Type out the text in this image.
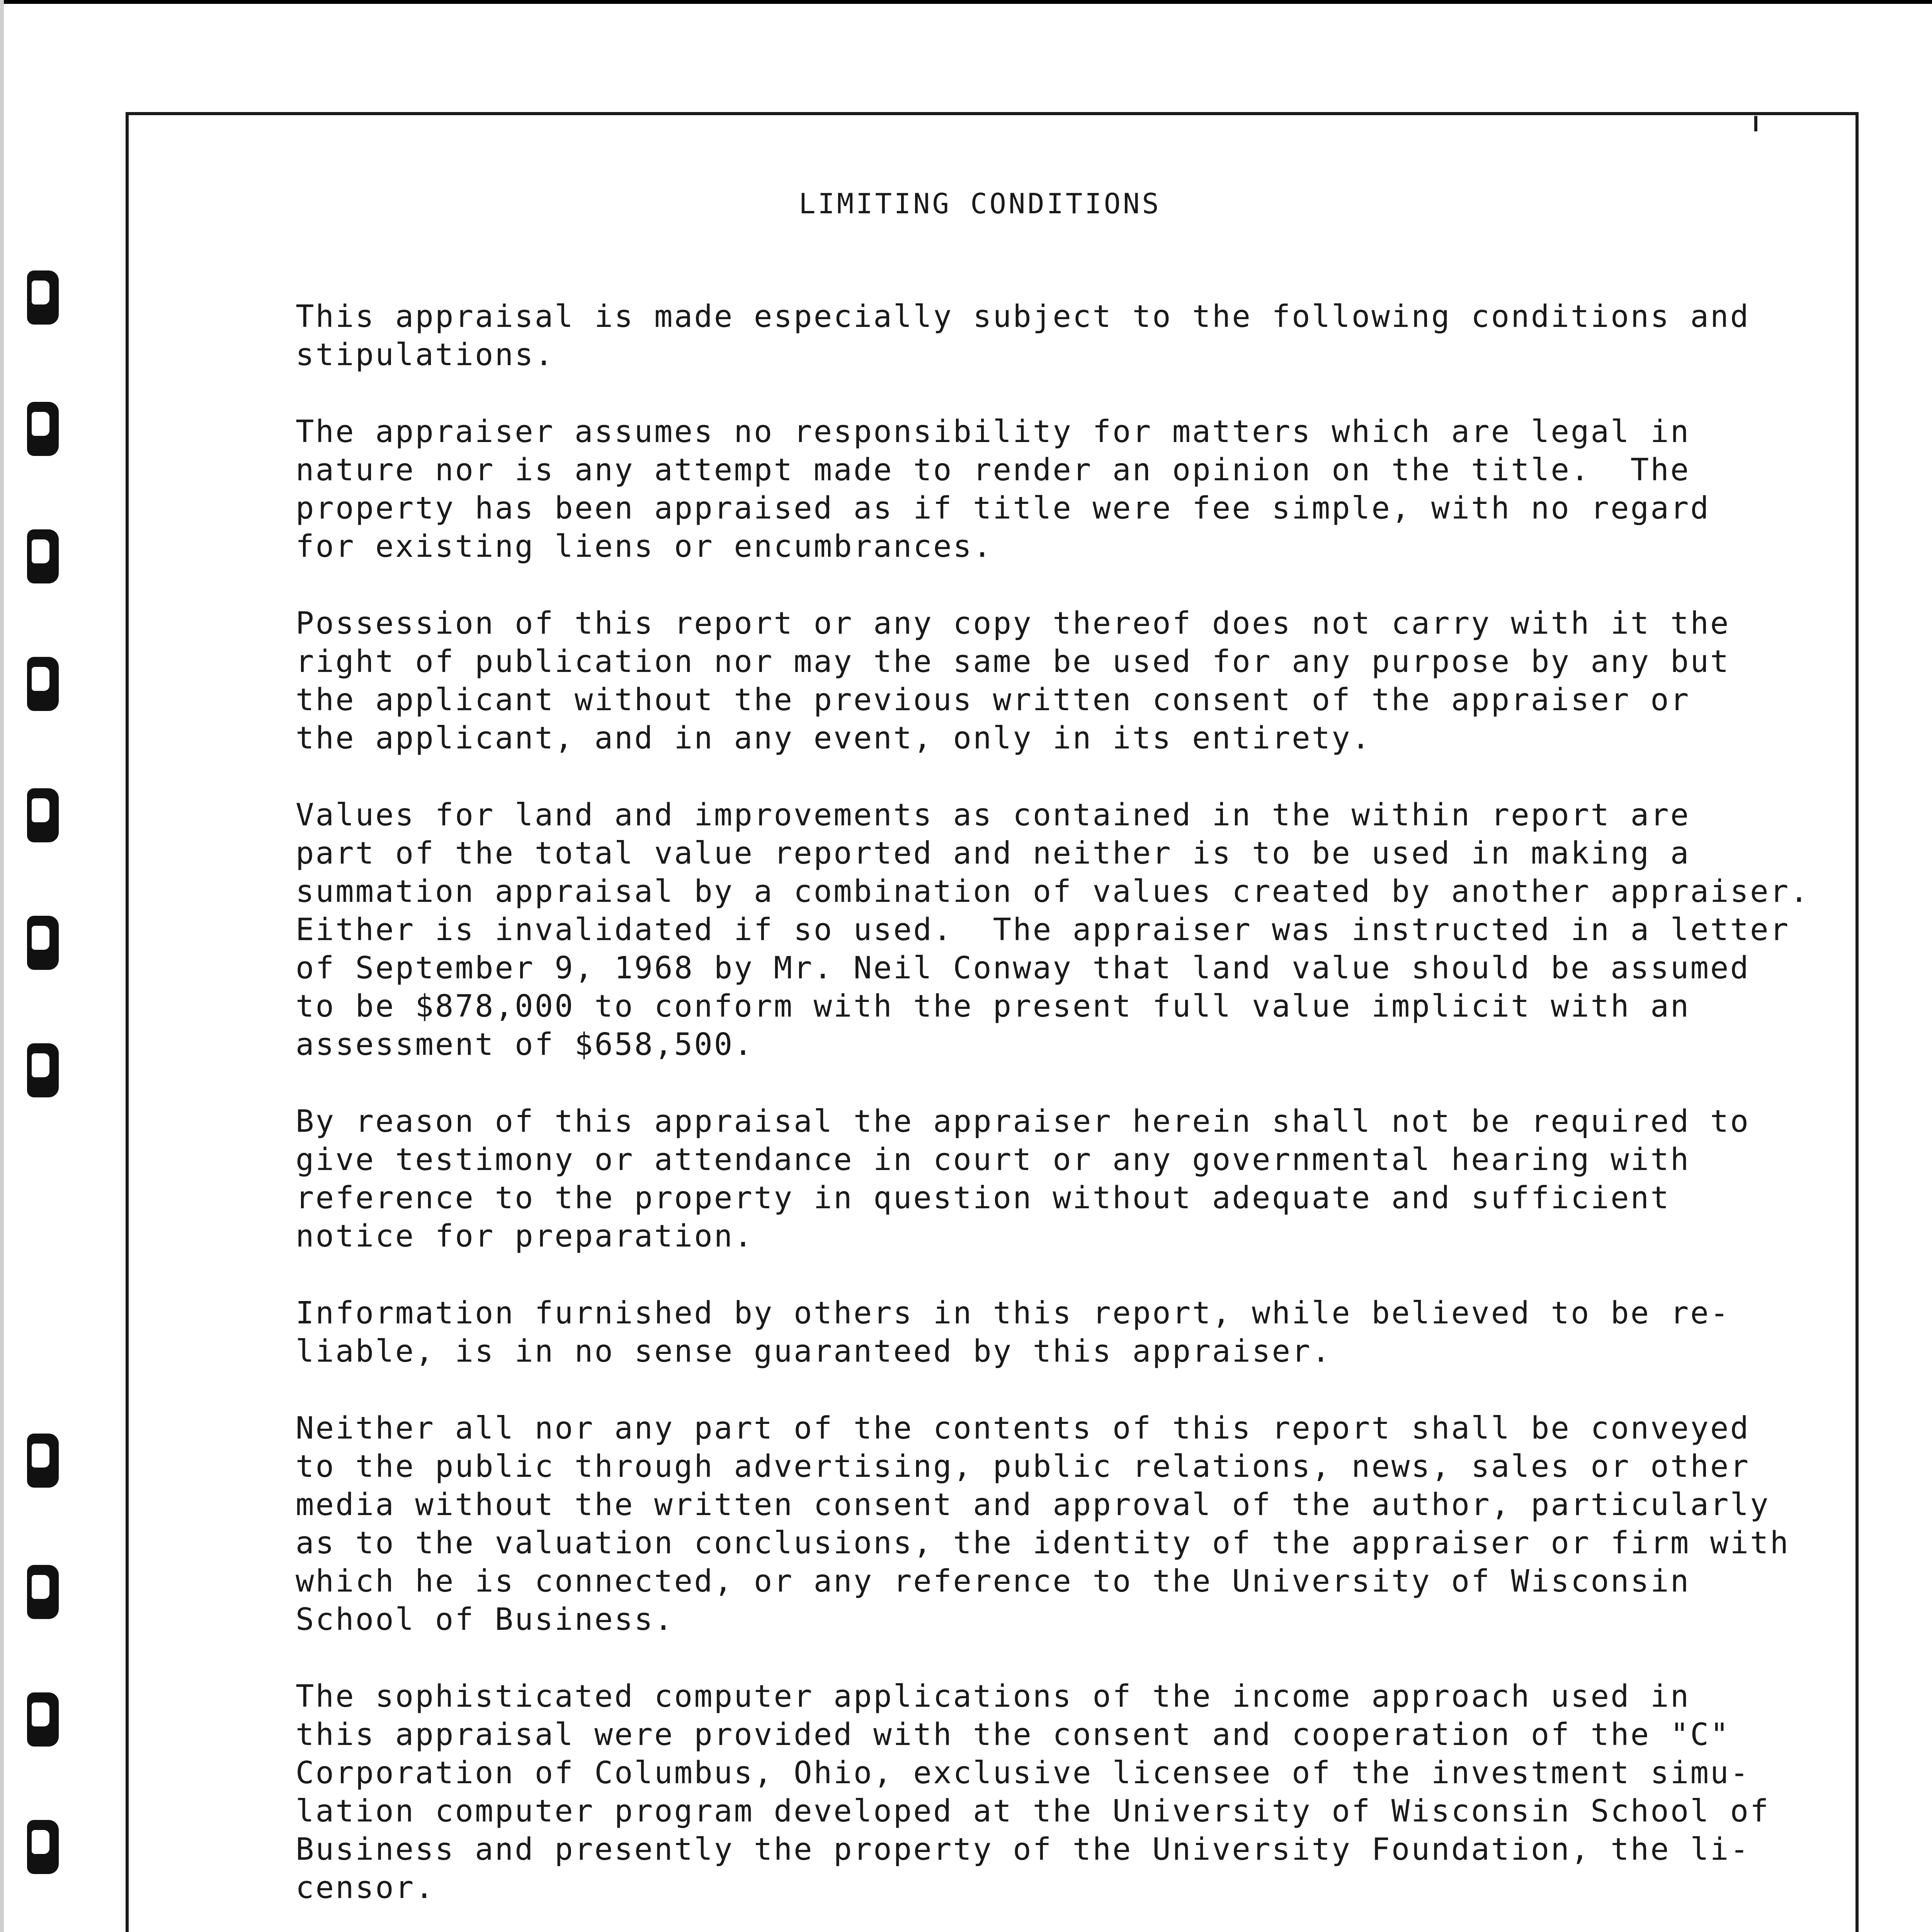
LIMITING CONDITIONS

This appraisal is made especially subject to the following conditions and
stipulations.

The appraiser assumes no responsibility for matters which are legal in
nature nor is any attempt made to render an opinion on the title.  The
property has been appraised as if title were fee simple, with no regard
for existing liens or encumbrances.

Possession of this report or any copy thereof does not carry with it the
right of publication nor may the same be used for any purpose by any but
the applicant without the previous written consent of the appraiser or
the applicant, and in any event, only in its entirety.

Values for land and improvements as contained in the within report are
part of the total value reported and neither is to be used in making a
summation appraisal by a combination of values created by another appraiser.
Either is invalidated if so used.  The appraiser was instructed in a letter
of September 9, 1968 by Mr. Neil Conway that land value should be assumed
to be $878,000 to conform with the present full value implicit with an
assessment of $658,500.

By reason of this appraisal the appraiser herein shall not be required to
give testimony or attendance in court or any governmental hearing with
reference to the property in question without adequate and sufficient
notice for preparation.

Information furnished by others in this report, while believed to be re-
liable, is in no sense guaranteed by this appraiser.

Neither all nor any part of the contents of this report shall be conveyed
to the public through advertising, public relations, news, sales or other
media without the written consent and approval of the author, particularly
as to the valuation conclusions, the identity of the appraiser or firm with
which he is connected, or any reference to the University of Wisconsin
School of Business.

The sophisticated computer applications of the income approach used in
this appraisal were provided with the consent and cooperation of the "C"
Corporation of Columbus, Ohio, exclusive licensee of the investment simu-
lation computer program developed at the University of Wisconsin School of
Business and presently the property of the University Foundation, the li-
censor.
